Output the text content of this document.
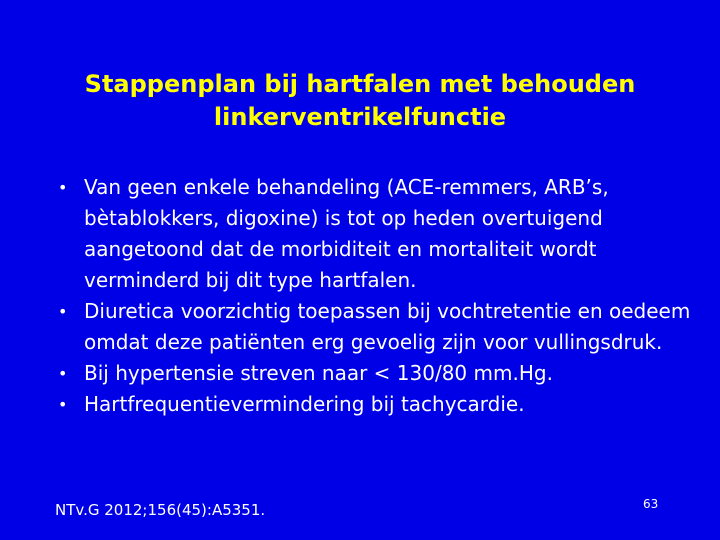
Stappenplan bij hartfalen met behouden
linkerventrikelfunctie
• Van geen enkele behandeling (ACE-remmers, ARB’s, bètablokkers, digoxine) is tot op heden overtuigend aangetoond dat de morbiditeit en mortaliteit wordt verminderd bij dit type hartfalen.
• Diuretica voorzichtig toepassen bij vochtretentie en oedeem omdat deze patiënten erg gevoelig zijn voor vullingsdruk.
• Bij hypertensie streven naar < 130/80 mm.Hg.
• Hartfrequentievermindering bij tachycardie.
NTv.G 2012;156(45):A5351.	63
